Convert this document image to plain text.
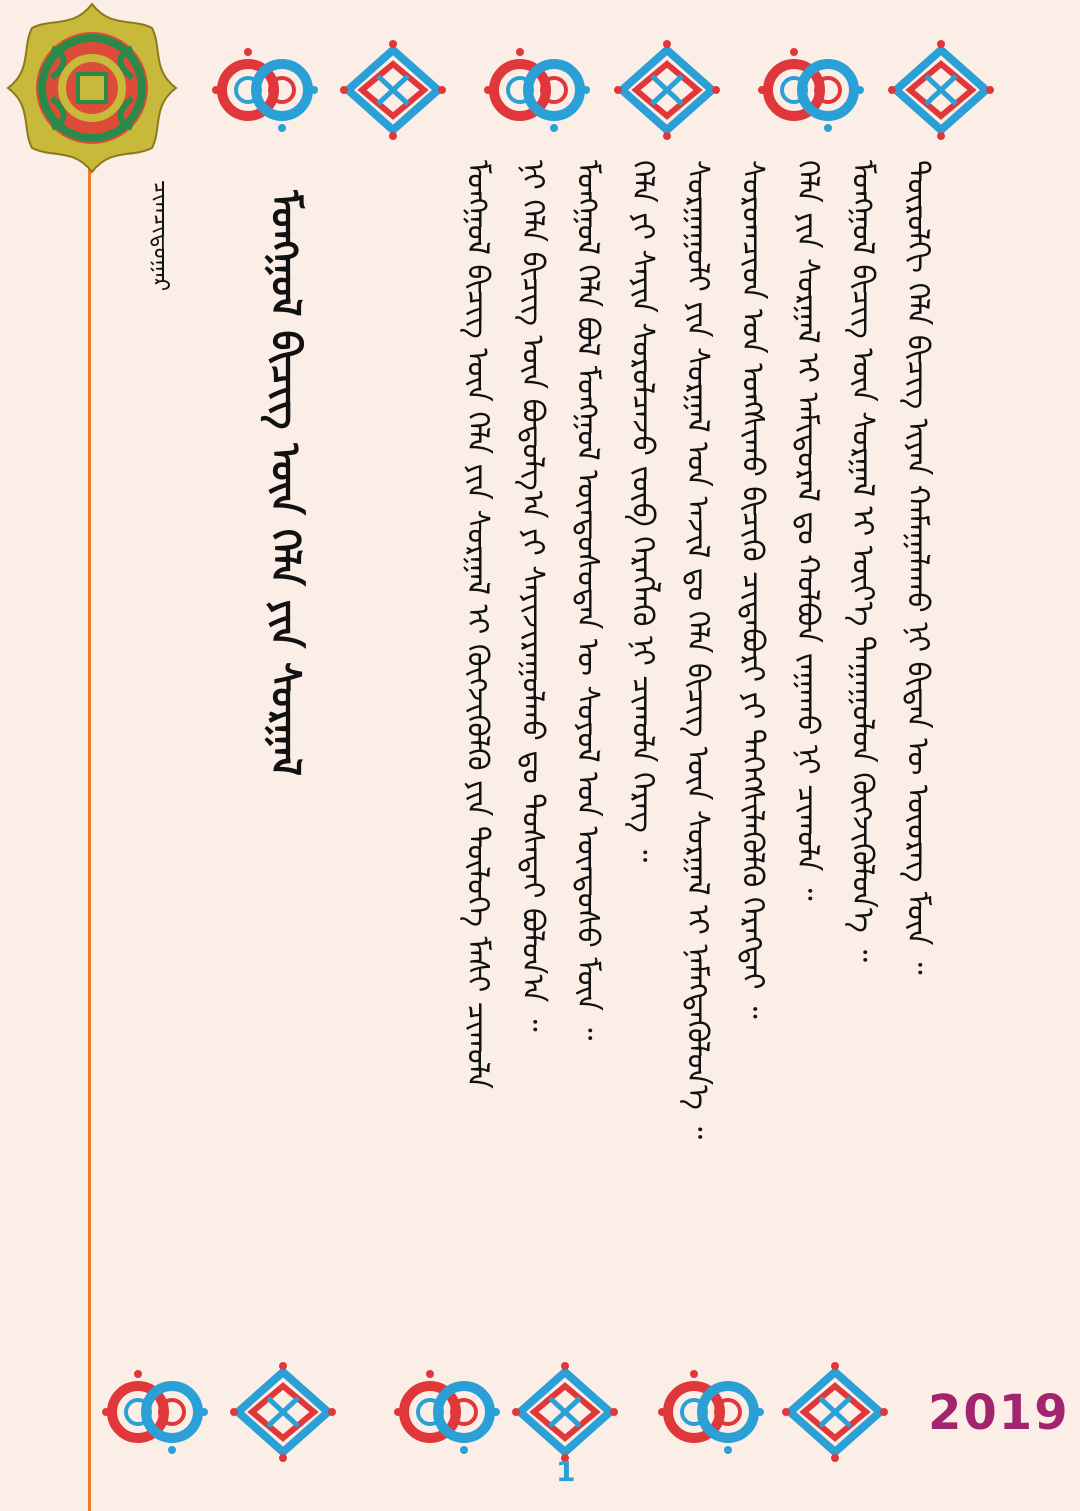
ᠮᠣᠩᠭᠣᠯ ᠪᠢᠴᠢᠭ ᠦᠨ ᠬᠡᠯᠡ ᠶᠢᠨ ᠰᠤᠷᠭᠠᠯ
ᠴᠢᠭᠴᠢᠳᠤᠭᠠᠷ	ᠮᠣᠩᠭᠣᠯ ᠪᠢᠴᠢᠭ ᠦᠨ ᠬᠡᠯᠡ ᠶᠢᠨ ᠰᠤᠷᠭᠠᠯ ᠢ ᠬᠥᠭᠵᠢᠭᠦᠯᠬᠦ ᠶᠢᠨ ᠲᠥᠯᠦᠭᠡ ᠮᠠᠰᠢ ᠴᠢᠬᠤᠯᠠ ᠨᠢ ᠬᠡᠯᠡ ᠪᠢᠴᠢᠭ ᠦᠨ ᠪᠣᠳᠣᠯᠭ᠎ᠠ ᠶᠢ ᠰᠠᠶᠢᠵᠢᠷᠠᠭᠤᠯᠬᠤ ᠳᠤ ᠲᠤᠰᠠᠲᠠᠢ ᠪᠣᠯᠤᠨ᠎ᠠ ᠃ ᠮᠣᠩᠭᠣᠯ ᠬᠡᠯᠡ ᠪᠣᠯ ᠮᠣᠩᠭᠣᠯ ᠦᠨᠳᠦᠰᠦᠲᠡᠨ ᠦ ᠰᠣᠶᠣᠯ ᠤᠨ ᠦᠨᠳᠦᠰᠦ ᠮᠥᠨ ᠃ ᠬᠡᠯᠡ ᠶᠢ ᠰᠠᠶᠢᠨ ᠰᠤᠷᠤᠯᠴᠠᠵᠤ ᠵᠥᠪ ᠬᠡᠷᠡᠭᠯᠡᠬᠦ ᠨᠢ ᠴᠢᠬᠤᠯᠠ ᠬᠡᠷᠡᠭ ᠃ ᠰᠤᠷᠭᠠᠭᠤᠯᠢ ᠶᠢᠨ ᠰᠤᠷᠭᠠᠯ ᠤᠨ ᠠᠵᠢᠯ ᠳᠤ ᠬᠡᠯᠡ ᠪᠢᠴᠢᠭ ᠦᠨ ᠰᠤᠷᠭᠠᠯ ᠢ ᠨᠡᠮᠡᠭᠳᠡᠭᠦᠯᠦᠨ᠎ᠡ ᠃ ᠰᠤᠷᠤᠭᠴᠢᠳ ᠤᠨ ᠤᠩᠰᠢᠬᠤ ᠪᠢᠴᠢᠬᠦ ᠴᠢᠳᠠᠪᠤᠷᠢ ᠶᠢ ᠳᠡᠭᠡᠭᠰᠢᠯᠡᠭᠦᠯᠬᠦ ᠬᠡᠷᠡᠭᠲᠡᠢ ᠃ ᠬᠡᠯᠡ ᠶᠢᠨ ᠰᠤᠷᠭᠠᠯ ᠢ ᠠᠮᠢᠳᠤᠷᠠᠯ ᠳᠤ ᠬᠣᠯᠪᠣᠨ ᠵᠠᠭᠠᠬᠤ ᠨᠢ ᠴᠢᠬᠤᠯᠠ ᠃ ᠮᠣᠩᠭᠣᠯ ᠪᠢᠴᠢᠭ ᠦᠨ ᠰᠤᠷᠭᠠᠯ ᠢ ᠦᠶ᠎ᠡ ᠳᠠᠭᠠᠭᠤᠯᠤᠨ ᠬᠥᠭᠵᠢᠭᠦᠯᠦᠨ᠎ᠡ ᠃ ᠲᠥᠷᠥᠯᠬᠢ ᠬᠡᠯᠡ ᠪᠢᠴᠢᠭ ᠢᠶᠡᠨ ᠬᠠᠮᠠᠭᠠᠯᠠᠬᠤ ᠨᠢ ᠪᠢᠳᠡᠨ ᠦ ᠦᠦᠷᠡᠭ ᠮᠥᠨ ᠃
2019
1
